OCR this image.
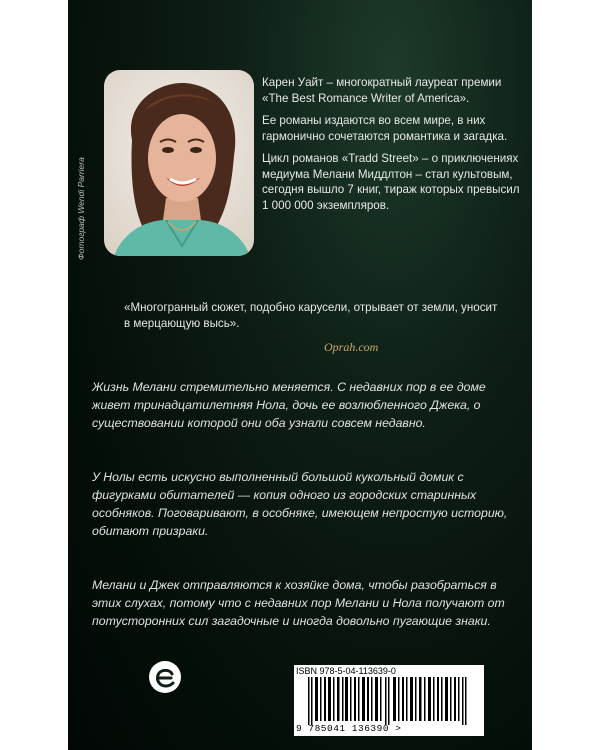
Фотограф Wendi Parriera

Карен Уайт – многократный лауреат премии «The Best Romance Writer of America».

Ее романы издаются во всем мире, в них гармонично сочетаются романтика и загадка.

Цикл романов «Tradd Street» – о приключениях медиума Мелани Миддлтон – стал культовым, сегодня вышло 7 книг, тираж которых превысил 1 000 000 экземпляров.

«Многогранный сюжет, подобно карусели, отрывает от земли, уносит в мерцающую высь».
Oprah.com
Жизнь Мелани стремительно меняется. С недавних пор в ее доме живет тринадцатилетняя Нола, дочь ее возлюбленного Джека, о существовании которой они оба узнали совсем недавно.
У Нолы есть искусно выполненный большой кукольный домик с фигурками обитателей — копия одного из городских старинных особняков. Поговаривают, в особняке, имеющем непростую историю, обитают призраки.
Мелани и Джек отправляются к хозяйке дома, чтобы разобраться в этих слухах, потому что с недавних пор Мелани и Нола получают от потусторонних сил загадочные и иногда довольно пугающие знаки.
ISBN 978-5-04-113639-0
9 785041 136390 >
